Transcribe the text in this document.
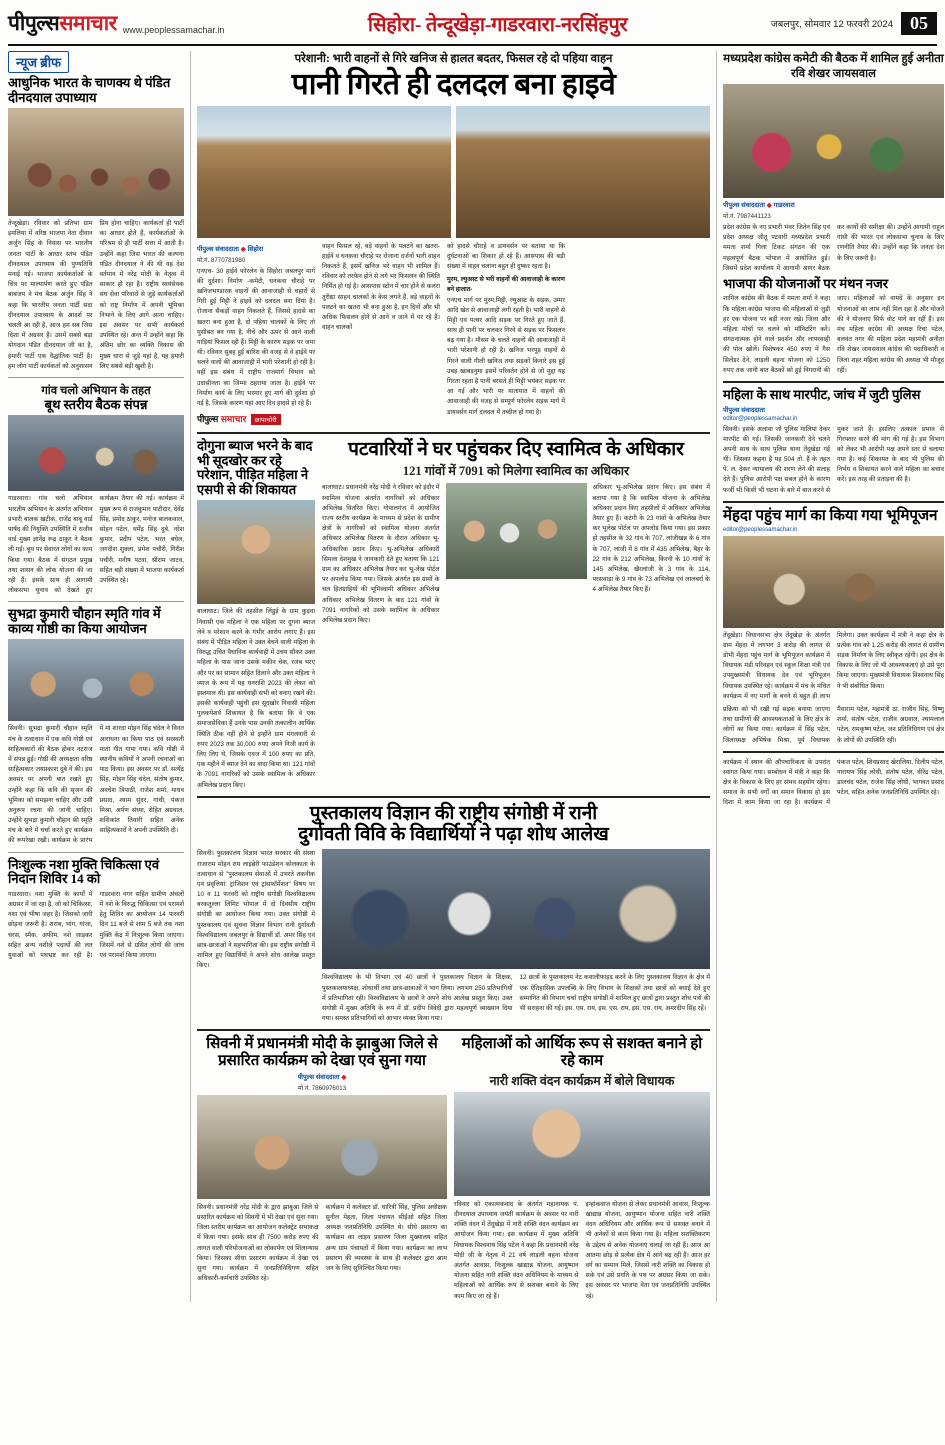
पीपुल्ससमाचार www.peoplessamachar.in	सिहोरा- तेन्दूखेड़ा-गाडरवारा-नरसिंहपुर	जबलपुर, सोमवार 12 फरवरी 2024 05
न्यूज ब्रीफ
आधुनिक भारत के चाणक्य थे पंडित दीनदयाल उपाध्याय
तेन्दूखेड़ा। रविवार को प्रतिभा ग्राम इमलिया में वरिष्ठ भाजपा नेता दीवान अर्जुन सिंह के निवास पर भारतीय जनता पार्टी के आधार स्तंभ पंडित दीनदयाल उपाध्याय की पुण्यतिथि मनाई गई। भाजपा कार्यकर्ताओं के चित्र पर माल्यार्पण करते हुए पंडित बाबजय ने मंच बैठक अर्जुन सिंह ने कहा कि भारतीय जनता पार्टी सदा दीनदयाल उपाध्याय के आदर्श पर चलती आ रही है, आज हम सब जिस दिशा में अग्रसर हैं। उसमें सबसे बड़ा योगदान पंडित दीनदयाल जी का है, हमारी पार्टी एक वैद्धांतिक पार्टी है। हम लोग पार्टी कार्यकर्ता को अनुशासन प्रिय होना चाहिए। कार्यकर्ता ही पार्टी का आधार होते हैं, कार्यकर्ताओं के परिश्रम से ही पार्टी सत्ता में आती है। उन्होंने कहा जिस भारत की कल्पना पंडित दीनदयाल ने की थी वह देश वर्तमान में नरेंद्र मोदी के नेतृत्व में साकार हो रहा है। राष्ट्रीय स्वयंसेवक संघ सेवा परिवारों से जुड़े कार्यकर्ताओं को राष्ट्र निर्माण में अपनी भूमिका निभाने के लिए आगे आना चाहिए। इस अवसर पर सभी कार्यकर्ता उपस्थित रहे। अन्त में उन्होंने कहा कि अंतिम छोर का व्यक्ति विकास की मुख्य धारा से जुड़े यहां है, यह हमारी लिए सबसे बड़ी खुशी है।
गांव चलो अभियान के तहत
बूथ स्तरीय बैठक संपन्न
गाडरवारा। गांव चलो अभियान भारतीय अभियान के अंतर्गत अभियान प्रभारी बालक खटीक, राजेंद्र बाबू वार्ड पार्षद की नियुक्ति उपस्थिति में राजीव वार्ड मुख्य ज्ञानेंद्र रूद्र ठाकुर ने बैठक ली गई। बूथ पर सेवारत लोगों का काम किया गया। बैठक में संगठन प्रमुख तथा शासन की लोक योजना की जा रही हैं। इसके साथ ही आगामी लोकसभा चुनाव को देखते हुए कार्यक्रम तैयार की गई। कार्यक्रम में मुख्य रूप से राजकुमार पाटीदार, देवेंद्र सिंह, प्रमोद ठाकुर, मनोज बालकवाल, सोहन पटेल, धर्मेंद्र सिंह दुबे, नरेश कुमार, प्रदीप पटेल, भरत बघेल, जगदीश शुक्ला, प्रमेश पचौरी, गिरीश पचौरी, मनीष पटवा, श्रीराम जाटव, सहित बड़ी संख्या में भाजपा कार्यकर्ता उपस्थित रहे।
सुभद्रा कुमारी चौहान स्मृति गांव में काव्य गोष्ठी का किया आयोजन
सिवनी। सुभद्रा कुमारी चौहान स्मृति मंच के तत्वाधान में एक कवि गोष्ठी एवं साहित्यकारों की बैठक होकर नटराज में संपन्न हुई। गोष्ठी की अध्यक्षता वरिष्ठ साहित्यकार जयप्रकाश दुबे ने की। इस अवसर पर अपनी बात रखते हुए उन्होंने कहा कि कवि की सृजन की भूमिका को समझना चाहिए और उसी अनुरूप रचना की जानी चाहिए। उन्होंने सुभद्रा कुमारी चौहान की स्मृति मंच के बारे में चर्चा करते हुए कार्यक्रम की रूपरेखा रखी। कार्यक्रम के प्रारंभ में मां शारदा मोहन सिंह चंदेल ने विनत आराधना का किया पाठ एवं सरस्वती माता गीत गाया गया। कवि गोष्ठी में स्थानीय कवियों ने अपनी रचनाओं का पाठ किया। इस अवसर पर डॉ. सत्येंद्र सिंह, मोहन सिंह चंदेल, संतोष कुमार, अवधेश त्रिपाठी, राजेश शर्मा, माधव प्रसाद, श्याम सुंदर, गांधी, पंकज मिश्रा, अर्पण संध्या, रोहित अग्रवाल, शशिकांत तिवारी सहित अनेक साहित्यकारों ने अपनी उपस्थिति दी।
निःशुल्क नशा मुक्ति चिकित्सा एवं निदान शिविर 14 को
गाडरवारा। नशा मुक्ति के कार्यों में अग्रसर में जा रहा है, जो को चिकित्सा, नशा एवं भीषा जहर है। जिसको जारी छोड़ना जरूरी है। शराब, भांग, गांजा, चरस, स्मैक, अफीम, नशे जाड़कर सहित अन्य नशीले पदार्थों की लत युवाओं को पथभ्रष्ट कर रही है। गाडरवारा नगर सहित ग्रामीण अंचलों में नशे के विरुद्ध चिकित्सा एवं परामर्श हेतु शिविर का आयोजन 14 फरवरी दिन 11 बजे से शाम 5 बजे तक नशा मुक्ति केंद्र में निःशुल्क किया जाएगा। जिसमें नशे से ग्रसित लोगों की जांच एवं परामर्श किया जाएगा।
परेशानी: भारी वाहनों से गिरे खनिज से हालत बदतर, फिसल रहे दो पहिया वाहन
पानी गिरते ही दलदल बना हाइवे
पीपुल्स संवाददाता ◆ सिहोरा
मो.नं. 8770781980
एनएच- 30 हाईवे फोरलेन के सिहोरा जबलपुर मार्ग की दुर्दशा। निर्माण -कमेटी, धनकवा चौराहे पर खनिजभण्डारक वाहनों की आवाजाही से चहारों से गिरी हुई मिट्टी ने हाइवे को दलदल बना दिया है। रोजाना सैकड़ों वाहन निकलते हैं, जिससे हादसे का खतरा बना हुआ है, दो पहिया चालकों के लिए तो मुसीबत बन गया है, नीचे और ऊपर से आने वाली गाड़ियां फिसल रही हैं। मिट्टी के कारण सड़क पर जमा थी। रविवार सुबह हुई बारिश की वजह से वे हाईवे पर चलने वालों की आवाजाही में भारी परेशानी हो रही है। वहीं इस संबंध में राष्ट्रीय राजमार्ग विभाग को उदासीनता का जिम्मा ठहराया जाता है। हाईवे पर निर्माण कार्य के लिए भरमार हुए मार्ग की दुर्दशा हो गई है, जिसके कारण यहां आए दिन हादसे हो रहे हैं।
पीपुल्स समाचार छापाचोरी
वाहन फिसल रहे, बड़े वाहनों के पलटने का खतरा- हाईवे व धनकवा चौराहे पर रोजाना दर्जनों भारी वाहन निकलते हैं, इसमें खनिज भरे वाहन भी शामिल हैं। रविवार को तरफ़ेन होने से लगे भर फिसलन की स्थिति निर्मित हो गई है। आसपास स्टोन में चार होने से कलरा तुरीद्या साहन चालकों के केस लगने हैं, बड़े वाहनों के पलटने का खतरा भी बना हुआ है, इन दिनों और भी अधिक फिसलन होने से आने व जाने में पर रहे हैं। वाहन चालकों
को हादसे चौराहे व डायवर्सन पर बताया था कि दुर्घटनाओं का शिकार हो रहे हैं। आसपास की बड़ी संख्या में वाहन चलाना बहुत ही दुष्कर रहता है।
मुरम, ल्युअस्ट से भरी वाहनों की आवाजाही के कारण बने हालात-
एनएच मार्ग पर मुरम,मिट्टी, ल्युअस्ट के सड़क, उम्मर आदि खेत से आवाजाही लगी रहती है। भारी वाहनों से मिट्टी एवं पत्थर आदि सड़क पर गिरते हुए जाते हैं, साथ ही पानी पर चलकर गिरने से सड़क पर फिसलन बढ़ गया है। मौसम के चलते वाहनों की आवाजाही में भारी परेशानी हो रही है। खनिज भरपूड़ वाहनों से गिरने वाली गीली खनिज तथा सड़कों किनारे इस हुई उबड़ खाबड़नुमा इसमें परिवर्तन होने से जो मुद्दा यह गिरता रहता है पानी बरसते ही मिट्टी भयंकर सड़क पर आ गई और भारी पर यातायात में वाहनों की आवाजाही की वजह से सम्पूर्ण फोरलेन सड़क मार्ग में डायवर्सन मार्ग दलदल में तब्दील हो गया है।
दोगुना ब्याज भरने के बाद भी सूदखोर कर रहे परेशान, पीड़ित महिला ने एसपी से की शिकायत
बालाघाट। जिले की तहसील लिंडुई के ग्राम कुड़वा निवासी एक महिला ने एक महिला पर दुगना ब्याज लेने व परेशान करने के गंभीर आरोप लगाए हैं। इस संबंध में पीड़ित महिला ने उक्त बेचने वाली महिला के विरुद्ध उचित वैधानिक कार्यवाही में उचय सौकर उक्त महिला के पास जाना उसके मकीन चेक, रजंब भरए और पर का सामान सहित दिलाने और उक्त महिला ने व्याज के रूप में यह धनराशि 2023 की लेकर को इस्तमाल थी। इस कार्यवाही सभी को बनाए रखने की। इसकी कार्यवाही पहुंची इस सूदखोर निवासी महिला पुलकपेशर्व शिकायत है कि बताया कि वे एक समाजसेविका हैं उनके पास उनकी तत्कालीन आर्थिक स्थिति ठीक नहीं होने से इन्होंने ग्राम मंगलवारी से रुपए 2023 तक 30,000 रुपए अपने निजी कार्य के लिए लिए थे, जिसके एवज में 100 रुपए का प्रति, एक महीने में ब्याज देने का वादा किया था। 121 गांवों के 7091 नागरिकों को उसके स्वामित्व के अधिकार अभिलेख प्रदान किए।
पटवारियों ने घर पहुंचकर दिए स्वामित्व के अधिकार
121 गांवों में 7091 को मिलेगा स्वामित्व का अधिकार
बालाघाट। प्रधानमंत्री नरेंद्र मोदी ने रविवार को इंदौर में स्वामित्व योजना अंतर्गत नागरिकों को अधिकार अभिलेख वितरित किए। गोपालगंज में आयोजित राज्य स्तरीय कार्यक्रम के माध्यम से प्रदेश के ग्रामीण क्षेत्रों के नागरिकों को स्वामित्व योजना अंतर्गत अधिकार अभिलेख वितरण के दौरान अधिकार भू-अधिकारिक प्रदान किए। भू-अभिलेख अधिकारी सिमला देशमुख ने जानकारी देते हुए बताया कि 121 ग्राम का अधिकार अभिलेख तैयार कर भू-लेख पोर्टल पर अपलोड किया गया। जिसके अंतर्गत इस ग्रामों के चल हितग्राहियों की भूमिस्वामी अधिकार अभिलेख अधिकार अभिलेख वितरण के बाद 121 गांवों के 7091 नागरिकों को उसके स्वामित्व के अधिकार अभिलेख प्रदान किए।
अधिकार भू-अभिलेख प्रदान किए। इस संबंध में बताया गया है कि स्वामित्व योजना के अभिलेख अधिकार प्रदान किए तहसीलों में अधिकार अभिलेख तैयार हुए हैं। कटंगी के 23 गांवों के अभिलेख तैयार कर भूलेख पोर्टल पर अपलोड किया गया। इस प्रकार हो तहसील के 32 गांव के 707, लांजीखन्न के 6 गांव के 707, लांजी में 8 गांव में 435 अभिलेख, बैहर के 22 गांव के 212 अभिलेख, किरनी के 10 गांवों के 145 अभिलेख, खैरलांजी के 3 गांव के 114, परसवाड़ा के 9 गांव के 73 अभिलेख एवं लालबर्रा के 4 अभिलेख तैयार किए हैं।
पुस्तकालय विज्ञान की राष्ट्रीय संगोष्ठी में रानी
दुर्गावती विवि के विद्यार्थियों ने पढ़ा शोध आलेख
सिवनी। पुस्तकालय विज्ञान भारत सरकार की संस्था राजाराम मोहन राय लाइब्रेरी फाउंडेशन कोलकाता के तत्वाधान से "पुस्तकालय सेवाओं में उभरते तकनीक एवं प्रवृत्तियां: ट्रांजिशन एवं ट्रांसफॉर्मेशन" विषय पर 10 व 11 फरवरी को राष्ट्रीय संगोष्ठी विश्वविद्यालय बरकतुल्ला लिमिट भोपाल में दो दिवसीय राष्ट्रीय संगोष्ठी का आयोजन किया गया। उक्त संगोष्ठी में पुस्तकालय एवं सूचना विज्ञान विभाग रानी दुर्गावती विश्वविद्यालय जबलपुर के विद्यार्थी डॉ. अमर सिंह एवं छात्र-छात्राओं ने सहभागिता की। इस राष्ट्रीय संगोष्ठी में शामिल हुए विद्यार्थियों ने अपने शोध आलेख प्रस्तुत किए।
विश्वविद्यालय के भी विभाग एवं 40 छात्रों ने पुस्तकालय विज्ञान के शिक्षक, पुस्तकालयाध्यक्ष, शोधार्थी तथा छात्र-छात्राओं ने भाग लिया। लगभग 250 प्रतिभागियों में प्रतिभागिता रही। विश्वविद्यालय के छात्रों ने अपने शोध आलेख प्रस्तुत किए। उक्त संगोष्ठी में मुख्य अतिथि के रूप में डॉ. प्रदीप त्रिवेदी द्वारा महत्वपूर्ण व्याख्यान दिया गया। समस्त प्रतिभागियों को आभार व्यक्त किया गया।
12 छात्रों के पुस्तकालय नेट कवालीफाइड करने के लिए पुस्तकालय विज्ञान के क्षेत्र में एक ऐतिहासिक उपलब्धि के लिए विभाग के शिक्षकों तथा छात्रों को बधाई देते हुए सम्मानित की विभाग चर्चा राष्ट्रीय संगोष्ठी में शामिल हुए छात्रों द्वारा प्रस्तुत शोध पत्रों की भी सराहना की गई। इस. एस. राय, इस. एस. राय, इस. एस. राय, अमरदीप सिंह रहें।
सिवनी में प्रधानमंत्री मोदी के झाबुआ जिले से प्रसारित कार्यक्रम को देखा एवं सुना गया
पीपुल्स संवाददाता ◆
मो.नं. 7860976013
सिवनी। प्रधानमंत्री नरेंद्र मोदी के द्वारा झाबुआ जिले से प्रसारित कार्यक्रम को सिवनी में भी देखा एवं सुना गया। जिला स्तरीय कार्यक्रम का आयोजन कलेक्ट्रेट सभाकक्ष में किया गया। इसके साथ ही 7500 करोड़ रुपए की लागत वाली परियोजनाओं का लोकार्पण एवं शिलान्यास किया। जिसका सीधा प्रसारण कार्यक्रम में देखा एवं सुना गया। कार्यक्रम में जनप्रतिनिधिगण सहित अधिकारी-कर्मचारी उपस्थित रहे।
कार्यक्रम में कलेक्टर डॉ. धारित्री सिंह, पुलिस अधीक्षक सुनील मेहता, जिला पंचायत सीईओ सहित जिला अध्यक्ष जनप्रतिनिधि उपस्थित थे। सीधे प्रसारण का कार्यक्रम का लाइव प्रसारण जिला मुख्यालय सहित अन्य ग्राम पंचायतों में किया गया। कार्यक्रम का लाभ प्रसारण की व्यवस्था के साथ ही कलेक्टर द्वारा आम जन के लिए सुनिश्चित किया गया।
महिलाओं को आर्थिक रूप से सशक्त बनाने हो रहे काम
नारी शक्ति वंदन कार्यक्रम में बोले विधायक
रविवार को एकात्मकवाद के अंतर्गत महानायक पं. दीनदयाल उपाध्याय जयंती कार्यक्रम के अवसर पर नारी शक्ति वंदन में तेंदूखेड़ा में नारी शक्ति वंदन कार्यक्रम का आयोजन किया गया। इस कार्यक्रम में मुख्य अतिथि विधायक विश्वनाथ सिंह पटेल ने कहा कि प्रधानमंत्री नरेंद्र मोदी जी के नेतृत्व में 21 वर्ष लाड़ली बहना योजना अंतर्गत आवास, निःशुल्क खाद्यान्न योजना, आयुष्मान योजना सहित नारी शक्ति वंदन अधिनियम के माध्यम से महिलाओं को आर्थिक रूप से सशक्त बनाने के लिए काम किए जा रहे हैं।
इन्हांकवाज योजना से लेकर प्रधानमंत्री आवास, निःशुल्क खाद्यान्न योजना, आयुष्मान योजना सहित नारी शक्ति वंदन अधिनियम और आर्थिक रूप से सशक्त बनाने में भी अनेकों से काम किया गया है। महिला सशक्तिकरण के उद्देश्य से अनेक योजनाएं चलाई जा रही हैं। आज आ आतमा छोड़ से प्रत्येक क्षेत्र में आगे बढ़ रही हैं। आज हर वर्ग का सम्मान मिले, जिससे नारी शक्ति का विकास हो सके एवं उसे प्रगति के पथ पर अग्रसर किया जा सके। इस अवसर पर भाजपा नेता एवं जनप्रतिनिधि उपस्थित रहे।
मध्यप्रदेश कांग्रेस कमेटी की बैठक में शामिल हुई अनीता रवि शेखर जायसवाल
पीपुल्स संवाददाता ◆ गाडरवारा
मो.नं. 7987441123
प्रदेश कांग्रेस के नए प्रभारी भंवर जितेन सिंह एवं प्रदेश अध्यक्ष जीतू पटवारी मध्यप्रदेश प्रभारी ममता शर्मा गिला टिकट संगठन की एक महत्वपूर्ण बैठक भोपाल में आयोजित हुई। जिसमें प्रदेश कार्यालय में आगामी आगर बैठक कर कार्यों की समीक्षा की। उन्होंने आगामी राहुल गांधी की भारत एवं लोकसभा चुनाव के लिए रणनीति तैयार की। उन्होंने कहा कि जनता देश के लिए जरूरी है।
भाजपा की योजनाओं पर मंथन नजर
शामिल कांग्रेस की बैठक में ममता शर्मा ने कहा कि महिला कांग्रेस भाजपा की महिलाओं से जुड़ी हर एक योजना पर बड़ी नजर रखे। जिला और महिला मोर्चा पर चलने को मॉनिटरिंग करें। संगठनात्मक होने वाले प्रदर्शन और लापरवाही की पोल खोलें। विशेषकर 450 रुपए में गैस सिलेंडर देने, लाड़ली बहना योजना को 1250 रुपए तक जानी बात बैठकों को हुई निगरानी की जाए। महिलाओं को वायदे के अनुसार इन योजनाओं का लाभ नहीं मिल रहा है और योजनें की ने योजनाएं सिर्फ वोट पाने का रहीं हैं। इस मंच महिला कांग्रेस की अध्यक्ष रिचा पटेल, बलवंत नगर की महिला प्रदेश महामंत्री अनीता रवि शेखर जायसवाल कांग्रेस की पदाधिकारी व जिला शहर महिला कांग्रेस की अध्यक्ष भी मौजूद रहीं।
महिला के साथ मारपीट, जांच में जुटी पुलिस
पीपुल्स संवाददाता
editor@peoplessamachar.in
सिवनी। इसके अलावा जो पुलिस गालियां देकर मारपीट की गई। जिसकी जानकारी देने चलने अपनी साथ के साथ पुलिस थाना तेंदुखेड़ा गई थी। जिसका कहना है यह 504 तो. हैं के तहत पे. ल. देकर न्यायालय की शरण लेने की सलाह देते हैं। पुलिस आरोपी पक्ष सबल होने के कारण फर्जी भी किसी भी घटना के बारे में बात करने से मुकर जाते हैं। इसलिए तत्काल प्रभाव से गिरफ्तार करने की मांग की गई है। इस विभाग को लेकर भी आरोपी पक्ष अपने स्तर से चलाया गया है। कई शिकायत के बाद भी पुलिस की निर्भय व शिकायत करने वाले महिला का बचाव करें। इस तरह की प्रताड़ना की है।
मेंहदा पहुंच मार्ग का किया गया भूमिपूजन
editor@peoplessamachar.in
तेंदूखेड़ा। विधानसभा क्षेत्र तेंदूखेड़ा के अंतर्गत ग्राम मेंहदा में लगभग 3 करोड़ की लागत से डोभी मेंहदा पहुंच मार्ग के भूमिपूजन कार्यक्रम में विधायक मंडी परिवहन एवं स्कूल शिक्षा मंत्री एवं उपमुख्यमंत्री विधायक देव एवं भूमिपूजन विधायक उपस्थित रहे। कार्यक्रम में मंच के मंचित कार्यक्रम में नए मार्गों के बनने से बहुत ही लाभ मिलेगा। उक्त कार्यक्रम में मंत्री ने कहा क्षेत्र के प्रत्येक गांव को 1.25 करोड़ की लागत से ग्रामीण सड़क निर्माण के लिए स्वीकृत रहेगी। इस क्षेत्र के विकास के लिए जो भी आवश्यकताएं हो उसे पूरा किया जाएगा। मुख्यमंत्री विधायक विश्वनाथ सिंह ने भी संबोधित किया।
प्रक्रिया को भी रखी गई सड़क बनाया जाएगा तथा ग्रामीणों की आवश्यकताओं के लिए क्षेत्र के लोगों का किया गया। कार्यक्रम में सिंह पटेल, जिलाध्यक्ष अभिषेक मिश्रा, पूर्व विधायक मैयाराम पटेल, महामंत्री ठा. राजीव सिंह, विष्णु शर्मा, संतोष पटेल, राजीव अग्रवाल, श्यामलाल पटेल, रामकृष्ण पटेल, जन प्रतिनिधिगण एवं क्षेत्र के लोगों की उपस्थिति रही।
कार्यक्रम में स्थान की औपचारिकता के उपरांत स्वागत किया गया। सम्बोधन में मंत्री ने कहा कि क्षेत्र के विकास के लिए हर संभव सहयोग रहेगा। समाज के सभी वर्गों का समान विकास हो इस दिशा में काम किया जा रहा है। कार्यक्रम में पंकज पटेल, शिवप्रसाद खेरालिया, दिलीप पटेल, नारायण सिंह लोधी, संतोष पटेल, वीरेंद्र पटेल, डालचंद पटेल, राजेश सिंह लोधी, भागवत प्रसाद पटेल, सहित अनेक जनप्रतिनिधि उपस्थित रहे।
